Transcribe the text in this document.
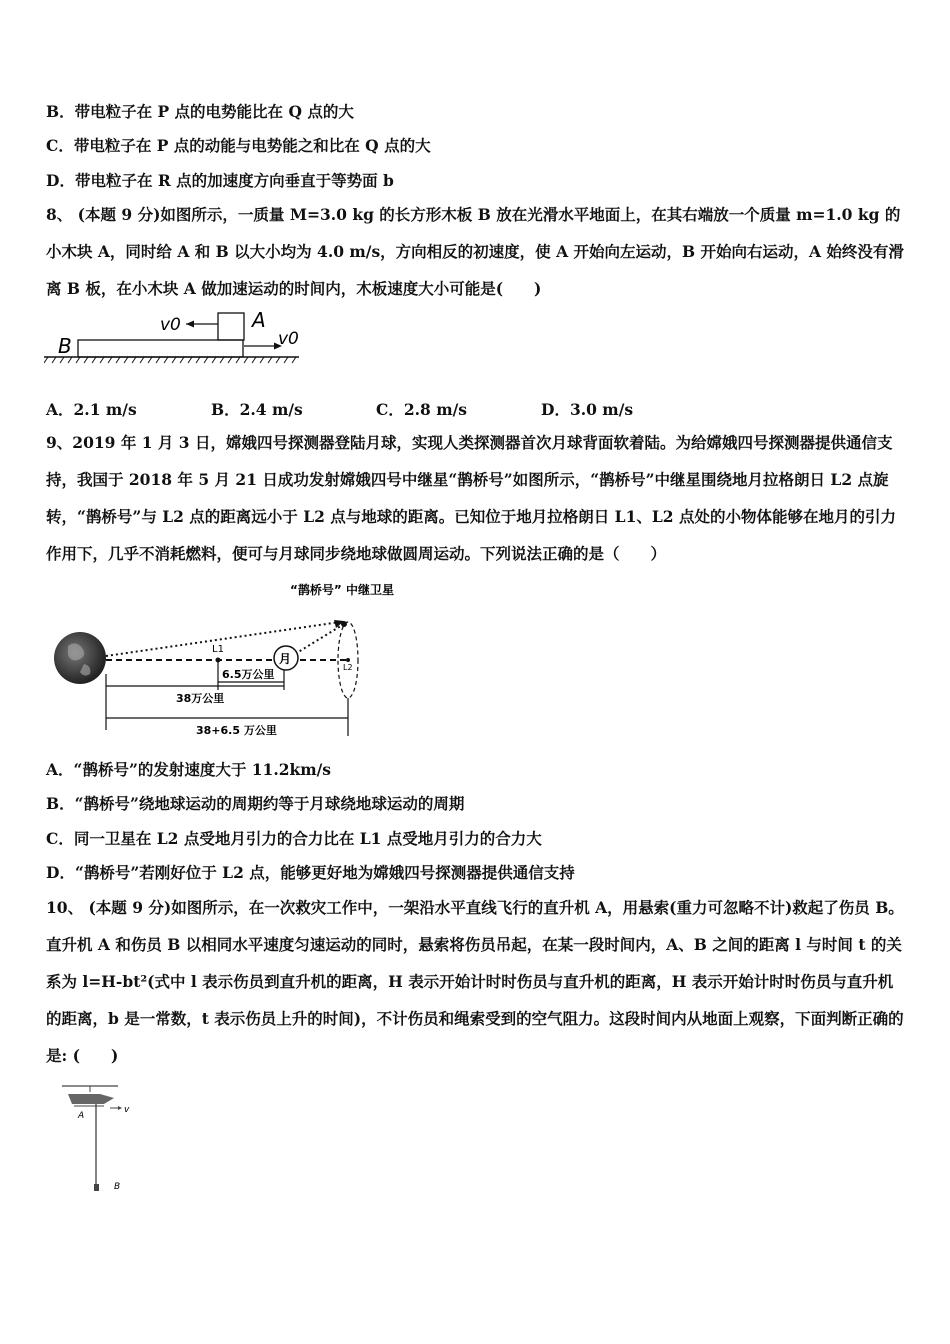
B．带电粒子在 P 点的电势能比在 Q 点的大
C．带电粒子在 P 点的动能与电势能之和比在 Q 点的大
D．带电粒子在 R 点的加速度方向垂直于等势面 b
8、 (本题 9 分)如图所示，一质量 M=3.0 kg 的长方形木板 B 放在光滑水平地面上，在其右端放一个质量 m=1.0 kg 的小木块 A，同时给 A 和 B 以大小均为 4.0 m/s，方向相反的初速度，使 A 开始向左运动，B 开始向右运动，A 始终没有滑离 B 板，在小木块 A 做加速运动的时间内，木板速度大小可能是(　　)
B
A
v0
v0
A．2.1 m/s	B．2.4 m/s	C．2.8 m/s	D．3.0 m/s
9、2019 年 1 月 3 日，嫦娥四号探测器登陆月球，实现人类探测器首次月球背面软着陆。为给嫦娥四号探测器提供通信支持，我国于 2018 年 5 月 21 日成功发射嫦娥四号中继星“鹊桥号”如图所示，“鹊桥号”中继星围绕地月拉格朗日 L2 点旋转，“鹊桥号”与 L2 点的距离远小于 L2 点与地球的距离。已知位于地月拉格朗日 L1、L2 点处的小物体能够在地月的引力作用下，几乎不消耗燃料，便可与月球同步绕地球做圆周运动。下列说法正确的是（　　）
“鹊桥号” 中继卫星
L1
月
L2
6.5万公里
38万公里
38+6.5 万公里
A．“鹊桥号”的发射速度大于 11.2km/s
B．“鹊桥号”绕地球运动的周期约等于月球绕地球运动的周期
C．同一卫星在 L2 点受地月引力的合力比在 L1 点受地月引力的合力大
D．“鹊桥号”若刚好位于 L2 点，能够更好地为嫦娥四号探测器提供通信支持
10、 (本题 9 分)如图所示，在一次救灾工作中，一架沿水平直线飞行的直升机 A，用悬索(重力可忽略不计)救起了伤员 B。直升机 A 和伤员 B 以相同水平速度匀速运动的同时，悬索将伤员吊起，在某一段时间内，A、B 之间的距离 l 与时间 t 的关系为 l=H-bt²(式中 l 表示伤员到直升机的距离，H 表示开始计时时伤员与直升机的距离，H 表示开始计时时伤员与直升机的距离，b 是一常数，t 表示伤员上升的时间)，不计伤员和绳索受到的空气阻力。这段时间内从地面上观察，下面判断正确的是: (　　)
A
v
B
